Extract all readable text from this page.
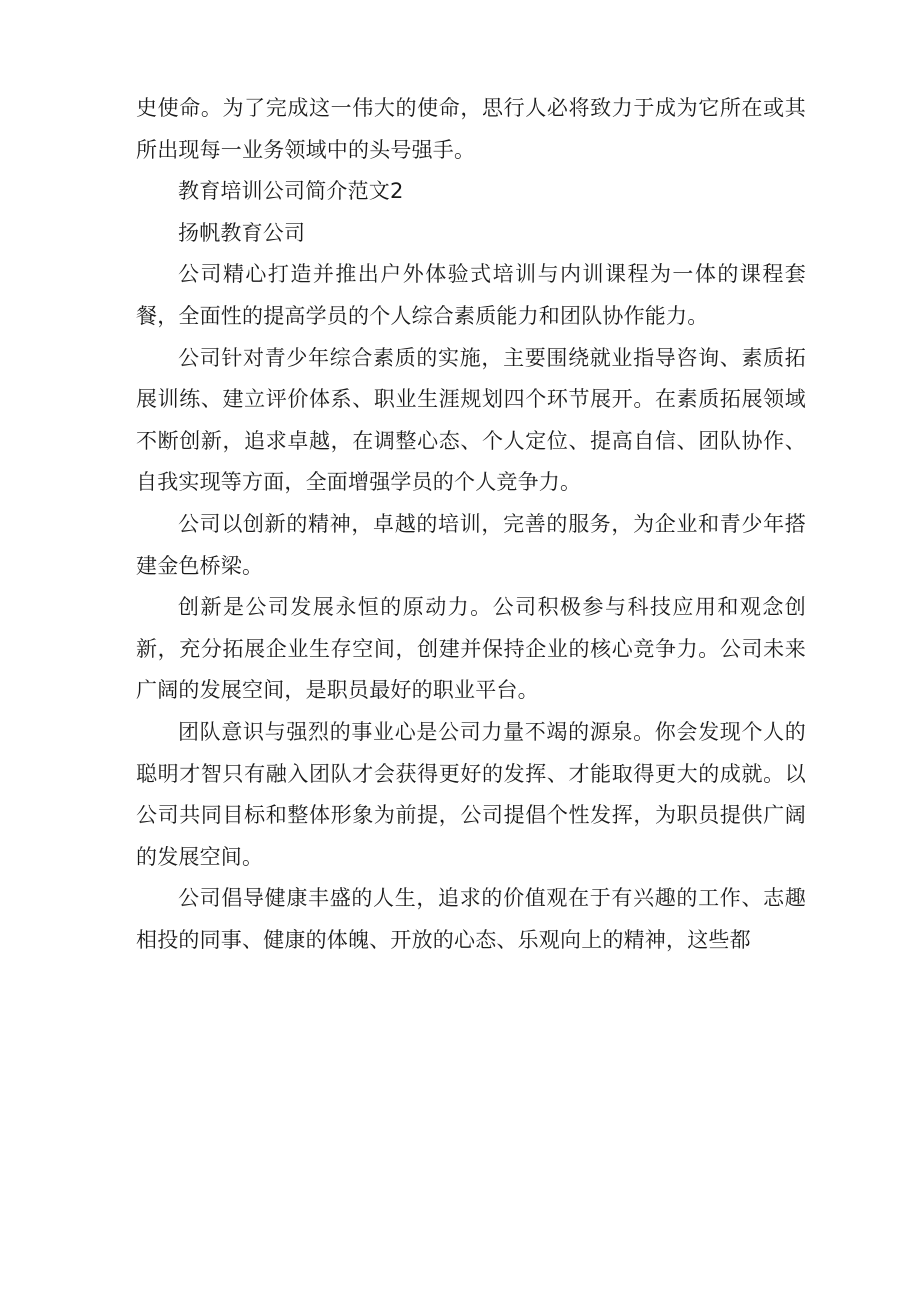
史使命。为了完成这一伟大的使命，思行人必将致力于成为它所在或其所出现每一业务领域中的头号强手。

教育培训公司简介范文2

扬帆教育公司

公司精心打造并推出户外体验式培训与内训课程为一体的课程套餐，全面性的提高学员的个人综合素质能力和团队协作能力。

公司针对青少年综合素质的实施，主要围绕就业指导咨询、素质拓展训练、建立评价体系、职业生涯规划四个环节展开。在素质拓展领域不断创新，追求卓越，在调整心态、个人定位、提高自信、团队协作、自我实现等方面，全面增强学员的个人竞争力。

公司以创新的精神，卓越的培训，完善的服务，为企业和青少年搭建金色桥梁。

创新是公司发展永恒的原动力。公司积极参与科技应用和观念创新，充分拓展企业生存空间，创建并保持企业的核心竞争力。公司未来广阔的发展空间，是职员最好的职业平台。

团队意识与强烈的事业心是公司力量不竭的源泉。你会发现个人的聪明才智只有融入团队才会获得更好的发挥、才能取得更大的成就。以公司共同目标和整体形象为前提，公司提倡个性发挥，为职员提供广阔的发展空间。

公司倡导健康丰盛的人生，追求的价值观在于有兴趣的工作、志趣相投的同事、健康的体魄、开放的心态、乐观向上的精神，这些都
